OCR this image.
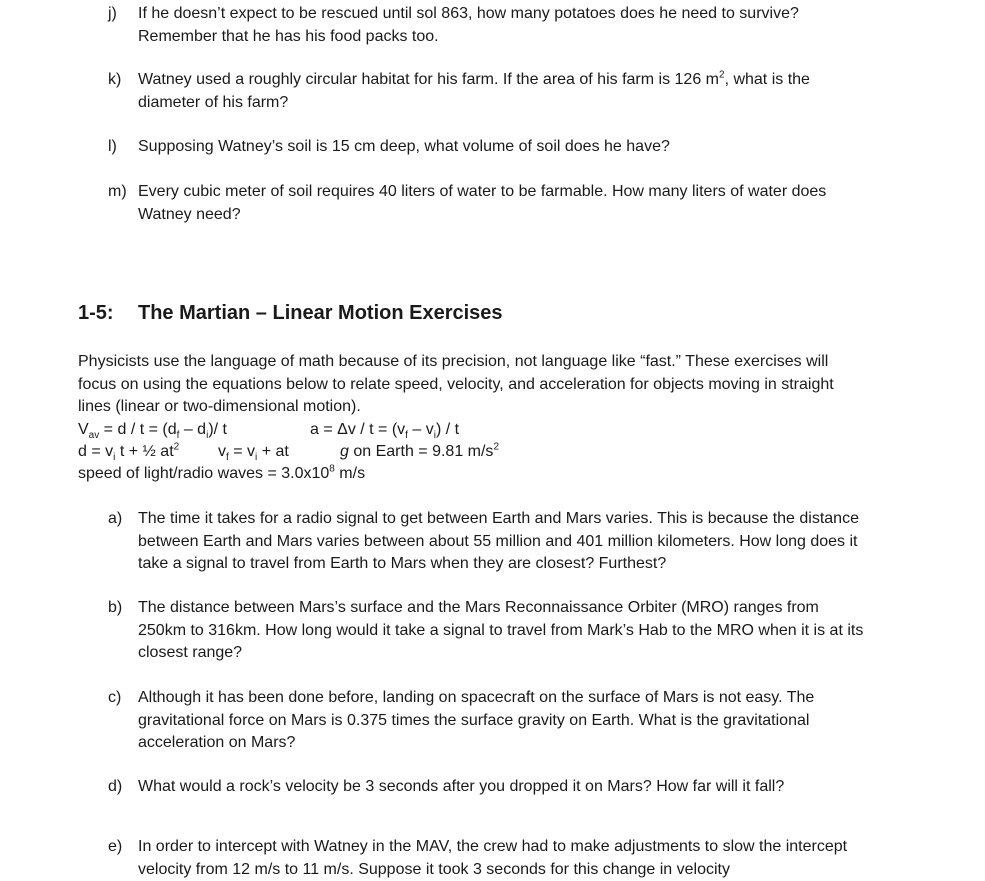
j)	If he doesn’t expect to be rescued until sol 863, how many potatoes does he need to survive? Remember that he has his food packs too.
k)	Watney used a roughly circular habitat for his farm. If the area of his farm is 126 $m^2$, what is the diameter of his farm?
l)	Supposing Watney’s soil is 15 cm deep, what volume of soil does he have?
m) Every cubic meter of soil requires 40 liters of water to be farmable. How many liters of water does Watney need?
1-5: The Martian – Linear Motion Exercises
Physicists use the language of math because of its precision, not language like “fast.” These exercises will focus on using the equations below to relate speed, velocity, and acceleration for objects moving in straight lines (linear or two-dimensional motion).
$V_{av} = d / t = (d_f - d_i)/$ t	$a = \Delta v / t = (v_f - v_i) / t$
$d = v_i$ t + ½ $at^2$ $v_f = v_i$ + at	g on Earth = 9.81 $m/s^2$
speed of light/radio waves = $3.0x10^8$ m/s
a) The time it takes for a radio signal to get between Earth and Mars varies. This is because the distance between Earth and Mars varies between about 55 million and 401 million kilometers. How long does it take a signal to travel from Earth to Mars when they are closest? Furthest?
b) The distance between Mars’s surface and the Mars Reconnaissance Orbiter (MRO) ranges from 250km to 316km. How long would it take a signal to travel from Mark’s Hab to the MRO when it is at its closest range?
c)	Although it has been done before, landing on spacecraft on the surface of Mars is not easy. The gravitational force on Mars is 0.375 times the surface gravity on Earth. What is the gravitational acceleration on Mars?
d) What would a rock’s velocity be 3 seconds after you dropped it on Mars? How far will it fall?
e) In order to intercept with Watney in the MAV, the crew had to make adjustments to slow the intercept velocity from 12 m/s to 11 m/s. Suppose it took 3 seconds for this change in velocity
